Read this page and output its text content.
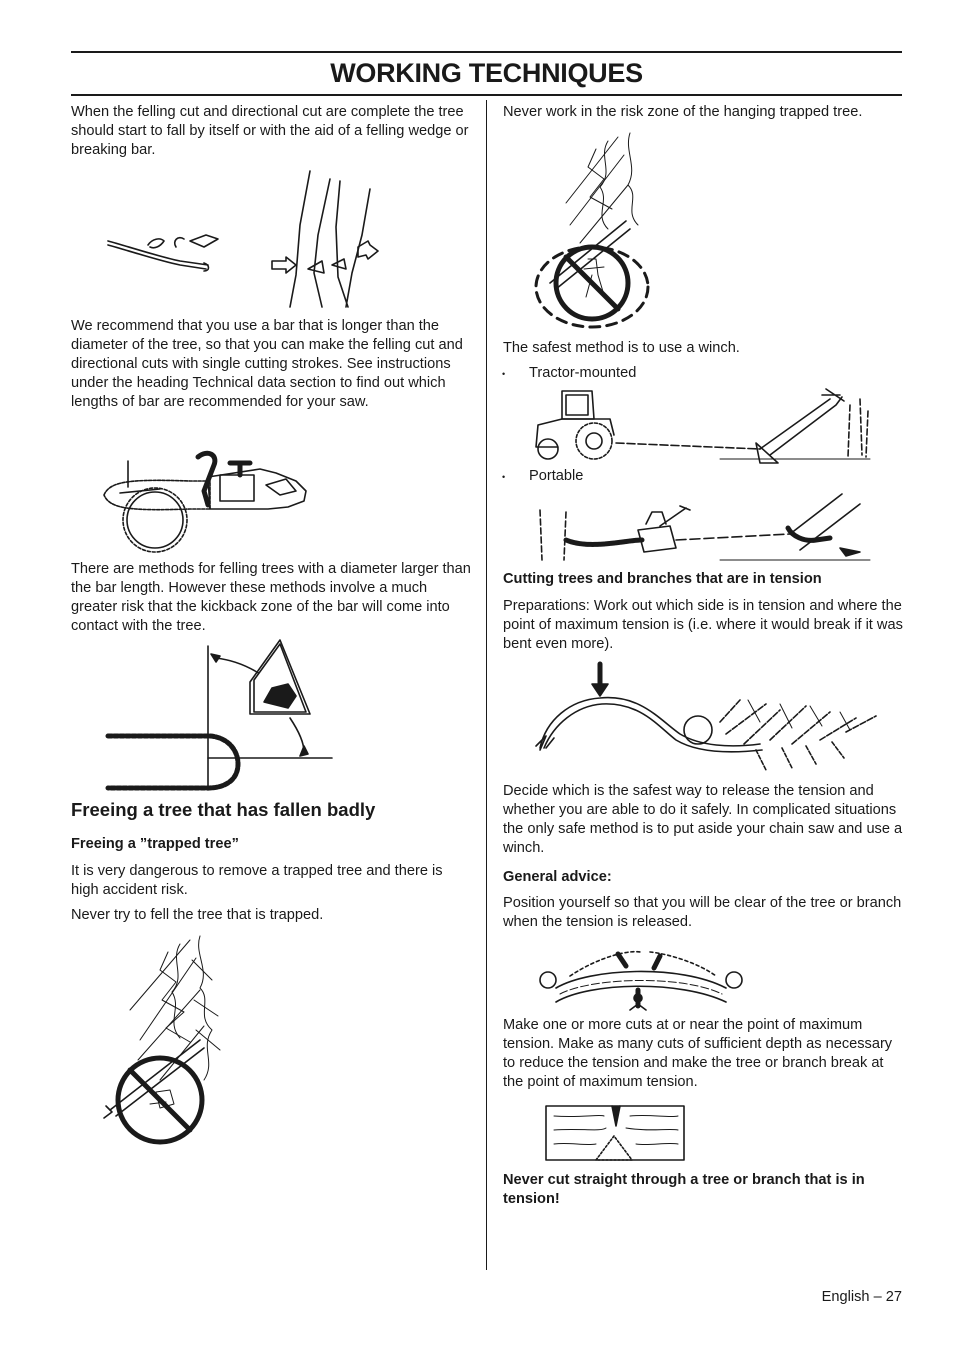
WORKING TECHNIQUES

When the felling cut and directional cut are complete the tree should start to fall by itself or with the aid of a felling wedge or breaking bar.

We recommend that you use a bar that is longer than the diameter of the tree, so that you can make the felling cut and directional cuts with single cutting strokes. See instructions under the heading Technical data section to find out which lengths of bar are recommended for your saw.

There are methods for felling trees with a diameter larger than the bar length. However these methods involve a much greater risk that the kickback zone of the bar will come into contact with the tree.

Freeing a tree that has fallen badly

Freeing a ”trapped tree”

It is very dangerous to remove a trapped tree and there is high accident risk.

Never try to fell the tree that is trapped.

Never work in the risk zone of the hanging trapped tree.

The safest method is to use a winch.

• Tractor-mounted

• Portable

Cutting trees and branches that are in tension

Preparations: Work out which side is in tension and where the point of maximum tension is (i.e. where it would break if it was bent even more).

Decide which is the safest way to release the tension and whether you are able to do it safely. In complicated situations the only safe method is to put aside your chain saw and use a winch.

General advice:

Position yourself so that you will be clear of the tree or branch when the tension is released.

Make one or more cuts at or near the point of maximum tension. Make as many cuts of sufficient depth as necessary to reduce the tension and make the tree or branch break at the point of maximum tension.

Never cut straight through a tree or branch that is in tension!

English – 27
